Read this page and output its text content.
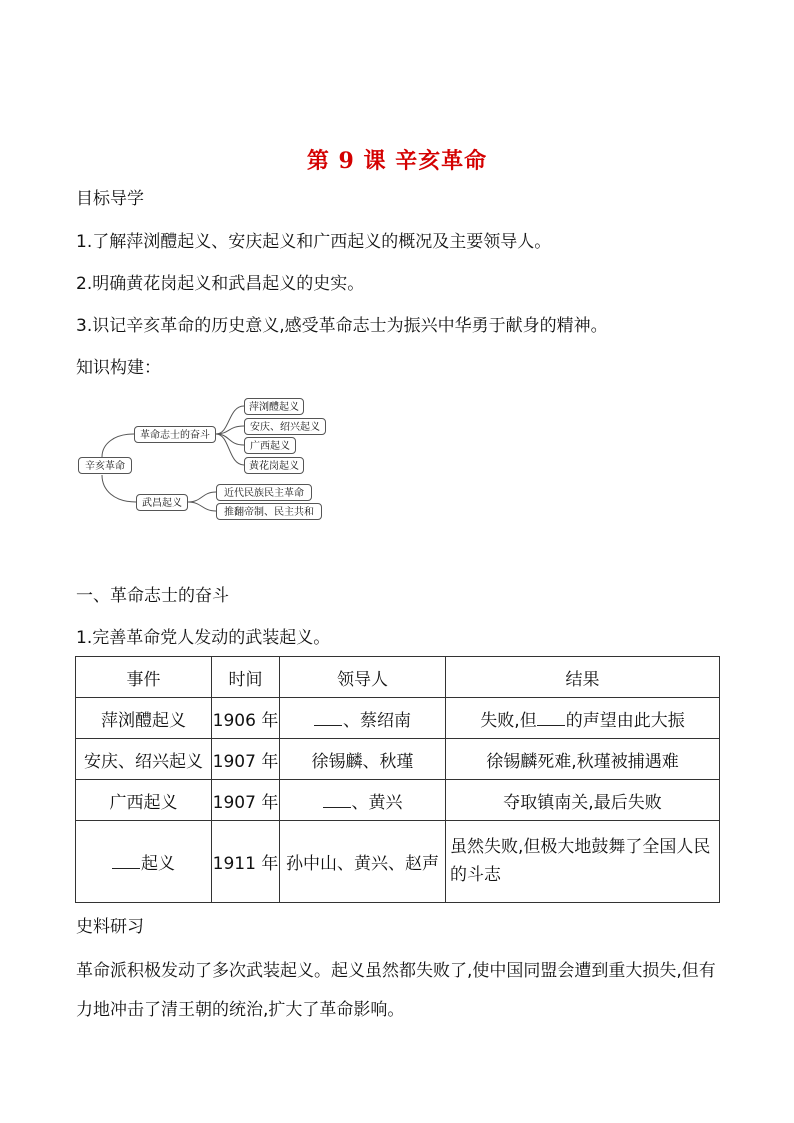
第 9 课 辛亥革命
目标导学
1.了解萍浏醴起义、安庆起义和广西起义的概况及主要领导人。
2.明确黄花岗起义和武昌起义的史实。
3.识记辛亥革命的历史意义,感受革命志士为振兴中华勇于献身的精神。
知识构建：
辛亥革命
革命志士的奋斗
萍浏醴起义
安庆、绍兴起义
广西起义
黄花岗起义
武昌起义
近代民族民主革命
推翻帝制、民主共和
一、革命志士的奋斗
1.完善革命党人发动的武装起义。
事件	时间	领导人	结果
萍浏醴起义	1906 年	、蔡绍南	失败,但 的声望由此大振
安庆、绍兴起义	1907 年	徐锡麟、秋瑾	徐锡麟死难,秋瑾被捕遇难
广西起义	1907 年	、黄兴	夺取镇南关,最后失败
起义	1911 年	孙中山、黄兴、赵声	虽然失败,但极大地鼓舞了全国人民的斗志
史料研习
革命派积极发动了多次武装起义。起义虽然都失败了,使中国同盟会遭到重大损失,但有力地冲击了清王朝的统治,扩大了革命影响。
